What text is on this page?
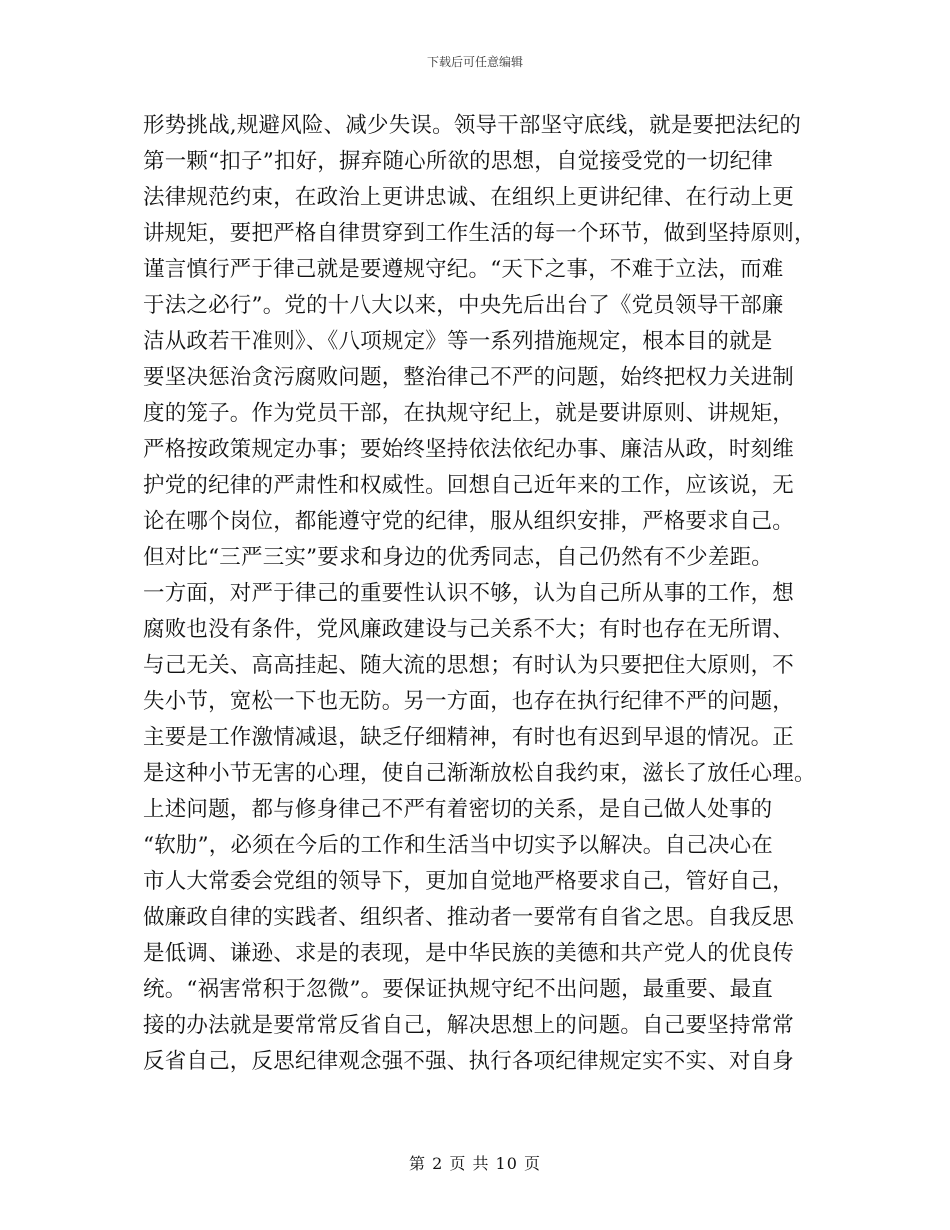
下载后可任意编辑
形势挑战,规避风险、减少失误。领导干部坚守底线，就是要把法纪的
第一颗“扣子”扣好，摒弃随心所欲的思想，自觉接受党的一切纪律
法律规范约束，在政治上更讲忠诚、在组织上更讲纪律、在行动上更
讲规矩，要把严格自律贯穿到工作生活的每一个环节，做到坚持原则，
谨言慎行严于律己就是要遵规守纪。“天下之事，不难于立法，而难
于法之必行”。党的十八大以来，中央先后出台了《党员领导干部廉
洁从政若干准则》、《八项规定》等一系列措施规定，根本目的就是
要坚决惩治贪污腐败问题，整治律己不严的问题，始终把权力关进制
度的笼子。作为党员干部，在执规守纪上，就是要讲原则、讲规矩，
严格按政策规定办事；要始终坚持依法依纪办事、廉洁从政，时刻维
护党的纪律的严肃性和权威性。回想自己近年来的工作，应该说，无
论在哪个岗位，都能遵守党的纪律，服从组织安排，严格要求自己。
但对比“三严三实”要求和身边的优秀同志，自己仍然有不少差距。
一方面，对严于律己的重要性认识不够，认为自己所从事的工作，想
腐败也没有条件，党风廉政建设与己关系不大；有时也存在无所谓、
与己无关、高高挂起、随大流的思想；有时认为只要把住大原则，不
失小节，宽松一下也无防。另一方面，也存在执行纪律不严的问题，
主要是工作激情减退，缺乏仔细精神，有时也有迟到早退的情况。正
是这种小节无害的心理，使自己渐渐放松自我约束，滋长了放任心理。
上述问题，都与修身律己不严有着密切的关系，是自己做人处事的
“软肋”，必须在今后的工作和生活当中切实予以解决。自己决心在
市人大常委会党组的领导下，更加自觉地严格要求自己，管好自己，
做廉政自律的实践者、组织者、推动者一要常有自省之思。自我反思
是低调、谦逊、求是的表现，是中华民族的美德和共产党人的优良传
统。“祸害常积于忽微”。要保证执规守纪不出问题，最重要、最直
接的办法就是要常常反省自己，解决思想上的问题。自己要坚持常常
反省自己，反思纪律观念强不强、执行各项纪律规定实不实、对自身
第 2 页 共 10 页
